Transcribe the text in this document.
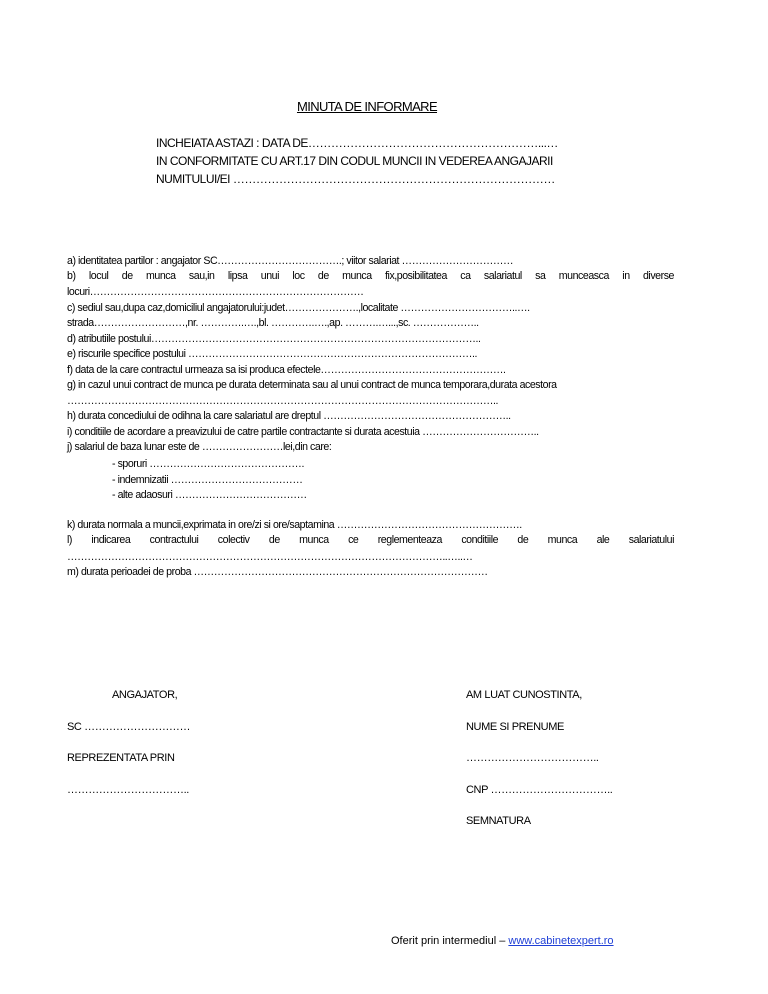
MINUTA DE INFORMARE
INCHEIATA ASTAZI : DATA DE……………………………………………………...…
IN CONFORMITATE CU ART.17 DIN CODUL MUNCII IN VEDEREA ANGAJARII
NUMITULUI/EI …………………………………………………………………………
a) identitatea partilor : angajator SC……………………………….; viitor salariat ……………………………
b) locul de munca sau,in lipsa unui loc de munca fix,posibilitatea ca salariatul sa munceasca in diverse
locuri………………………………………………………………………
c) sediul sau,dupa caz,domiciliul angajatorului:judet………………….,localitate ……………………………..….
strada………………………,nr. ………….….,bl. ………….….,ap. ……….…...,sc. ………………..
d) atributiile postului……………………………………………………………………………………..
e) riscurile specifice postului …………………………………………………………………………..
f) data de la care contractul urmeaza sa isi produca efectele……………………………………………….
g) in cazul unui contract de munca pe durata determinata sau al unui contract de munca temporara,durata acestora
………………………………………………………………………………………………………………..
h) durata concediului de odihna la care salariatul are dreptul ………………………………………………..
i) conditiile de acordare a preavizului de catre partile contractante si durata acestuia ……………………………..
j) salariul de baza lunar este de ……………………lei,din care:
- sporuri ……………………………………….
- indemnizatii …………………………………
- alte adaosuri …………………………………
k) durata normala a muncii,exprimata in ore/zi si ore/saptamina ……………………………………………….
l) indicarea contractului colectiv de munca ce reglementeaza conditiile de munca ale salariatului
…………………………………………………………………………………………………..…..…
m) durata perioadei de proba ……………………………………………………………………………
ANGAJATOR,
SC …………………………
REPREZENTATA PRIN
……………………………..
AM LUAT CUNOSTINTA,
NUME SI PRENUME
………………………………..
CNP ……………………………..
SEMNATURA
Oferit prin intermediul – www.cabinetexpert.ro
